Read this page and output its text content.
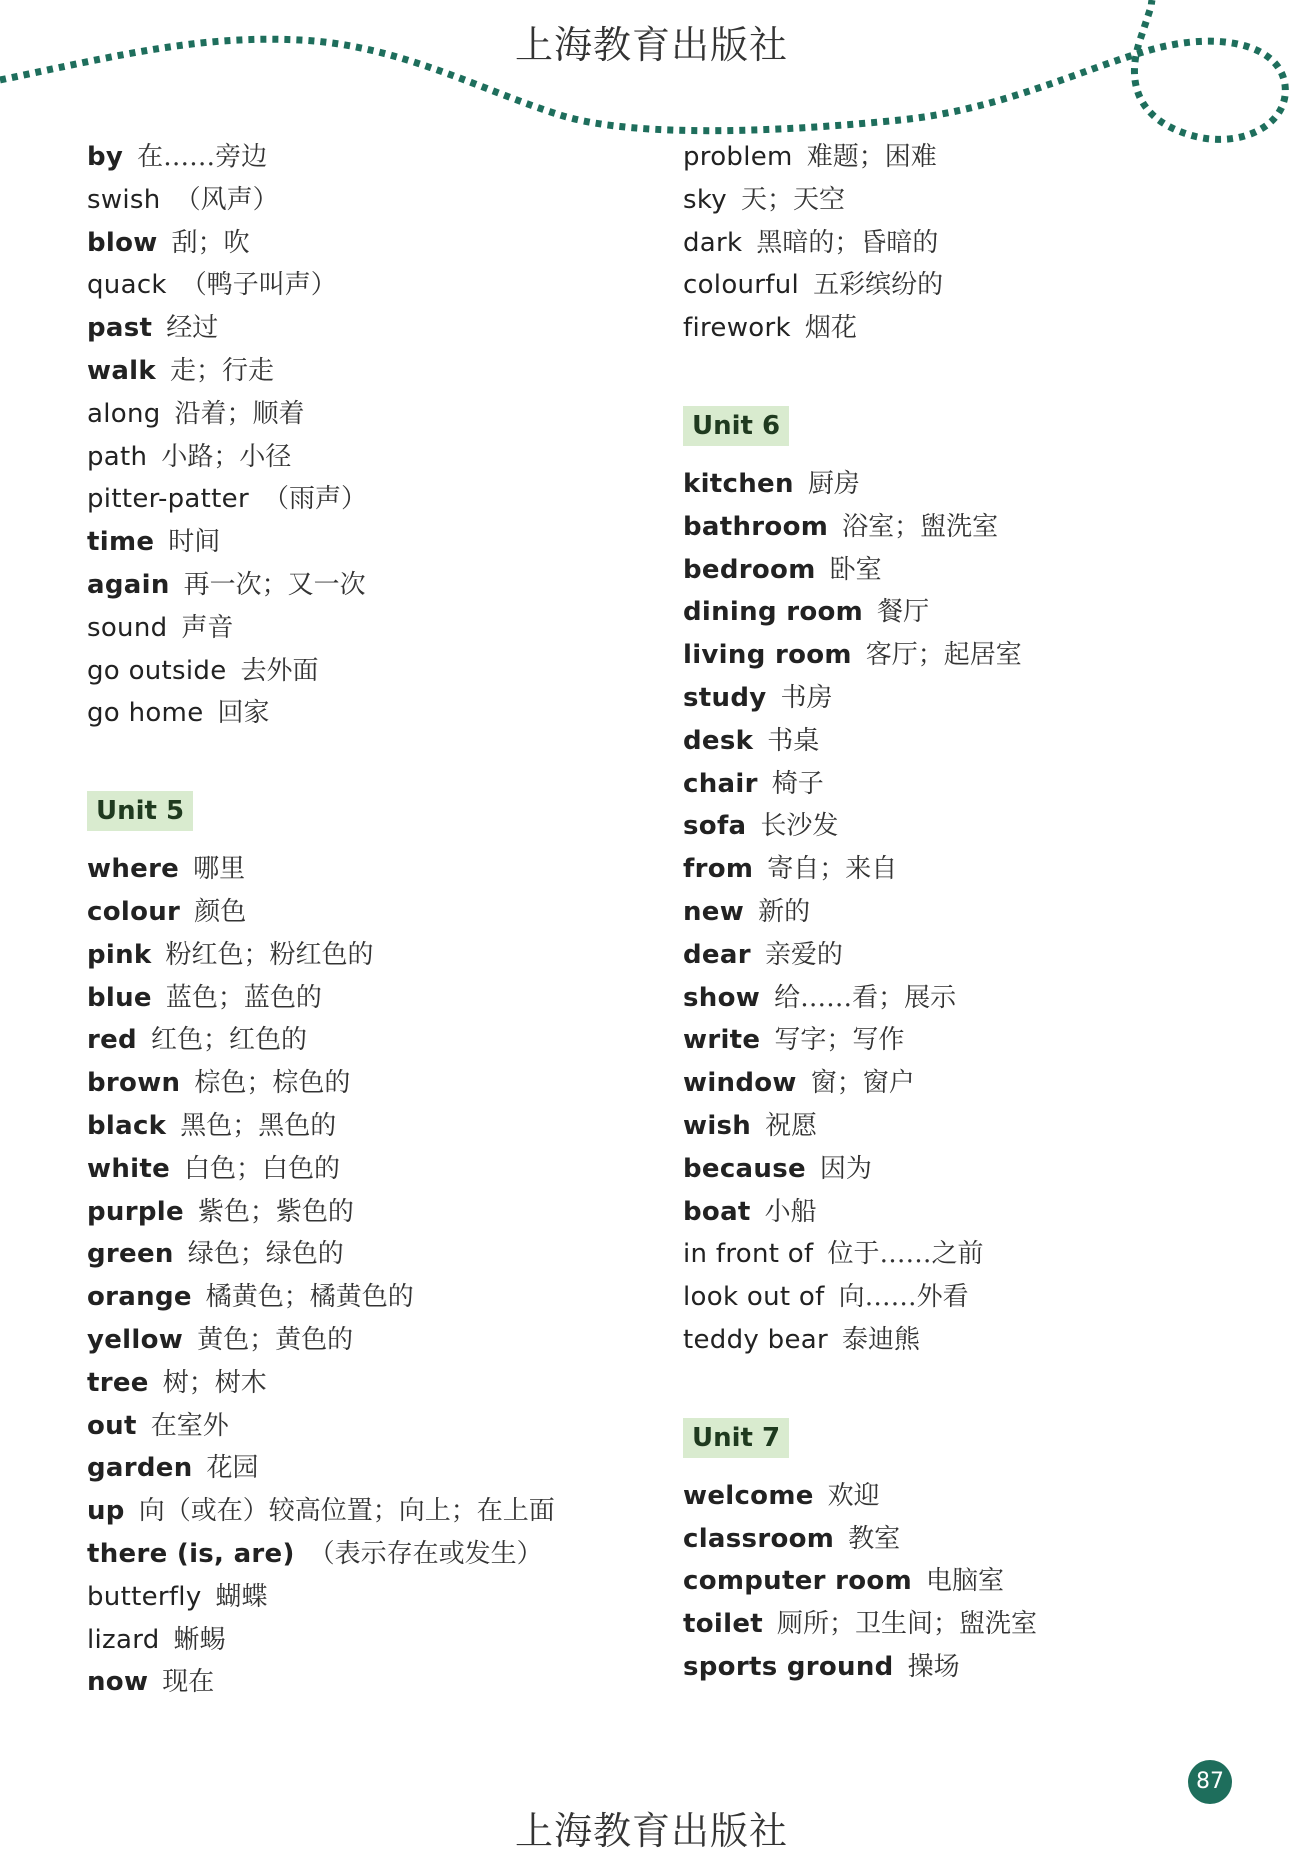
上海教育出版社
by 在……旁边
swish （风声）
blow 刮；吹
quack （鸭子叫声）
past 经过
walk 走；行走
along 沿着；顺着
path 小路；小径
pitter-patter （雨声）
time 时间
again 再一次；又一次
sound 声音
go outside 去外面
go home 回家
Unit 5
where 哪里
colour 颜色
pink 粉红色；粉红色的
blue 蓝色；蓝色的
red 红色；红色的
brown 棕色；棕色的
black 黑色；黑色的
white 白色；白色的
purple 紫色；紫色的
green 绿色；绿色的
orange 橘黄色；橘黄色的
yellow 黄色；黄色的
tree 树；树木
out 在室外
garden 花园
up 向（或在）较高位置；向上；在上面
there (is, are) （表示存在或发生）
butterfly 蝴蝶
lizard 蜥蜴
now 现在
problem 难题；困难
sky 天；天空
dark 黑暗的；昏暗的
colourful 五彩缤纷的
firework 烟花
Unit 6
kitchen 厨房
bathroom 浴室；盥洗室
bedroom 卧室
dining room 餐厅
living room 客厅；起居室
study 书房
desk 书桌
chair 椅子
sofa 长沙发
from 寄自；来自
new 新的
dear 亲爱的
show 给……看；展示
write 写字；写作
window 窗；窗户
wish 祝愿
because 因为
boat 小船
in front of 位于……之前
look out of 向……外看
teddy bear 泰迪熊
Unit 7
welcome 欢迎
classroom 教室
computer room 电脑室
toilet 厕所；卫生间；盥洗室
sports ground 操场
87
上海教育出版社
